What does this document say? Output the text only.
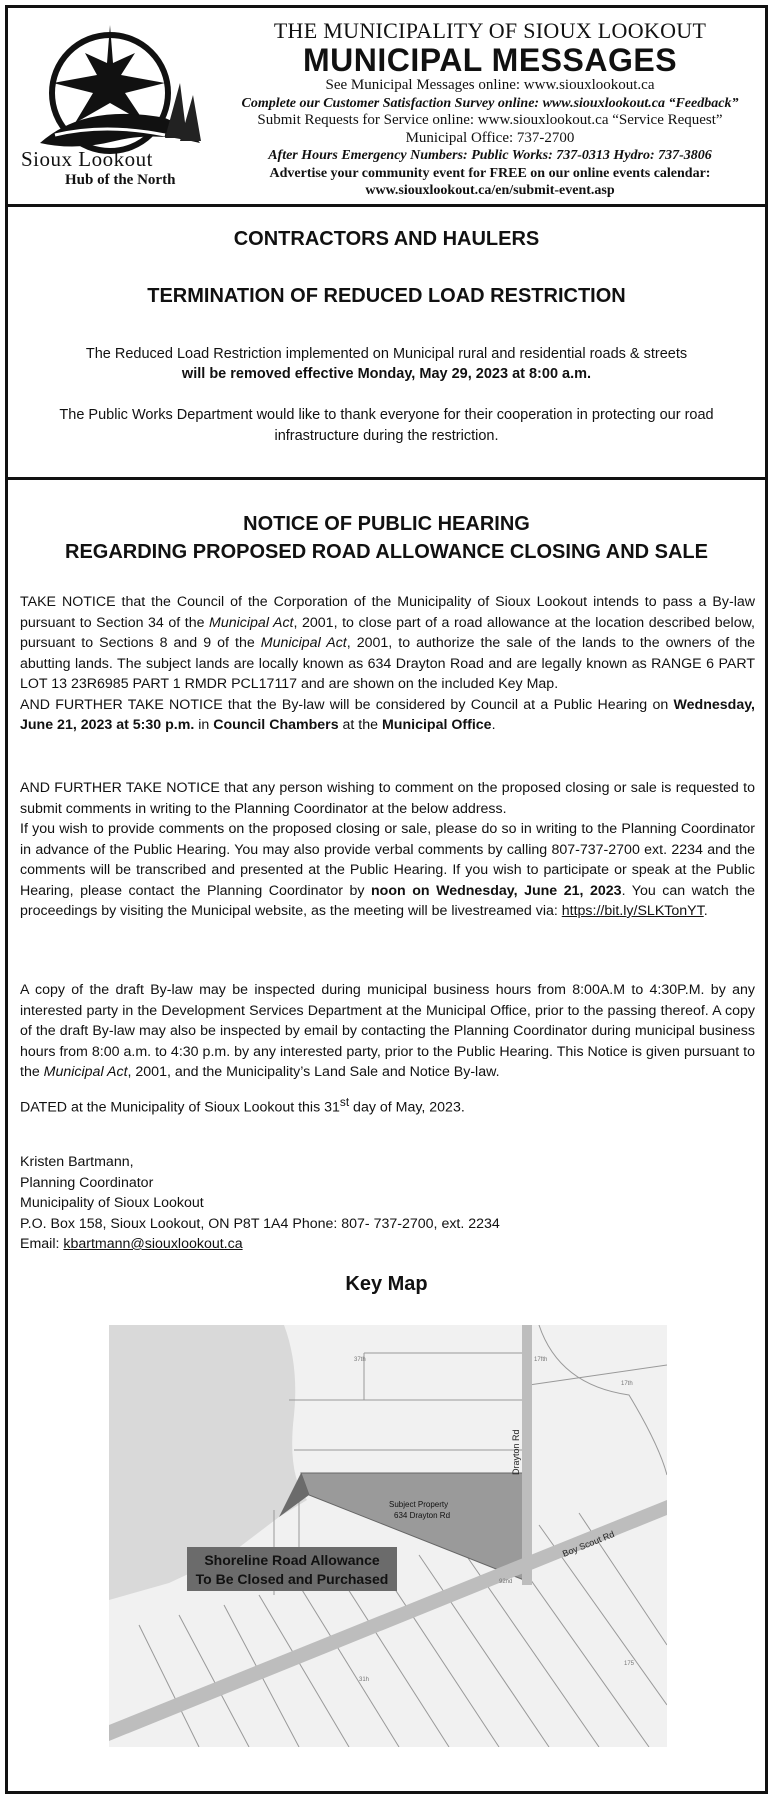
Sioux Lookout
Hub of the North
THE MUNICIPALITY OF SIOUX LOOKOUT
MUNICIPAL MESSAGES
See Municipal Messages online: www.siouxlookout.ca
Complete our Customer Satisfaction Survey online: www.siouxlookout.ca “Feedback”
Submit Requests for Service online: www.siouxlookout.ca “Service Request”
Municipal Office: 737-2700
After Hours Emergency Numbers: Public Works: 737-0313 Hydro: 737-3806
Advertise your community event for FREE on our online events calendar:
www.siouxlookout.ca/en/submit-event.asp
CONTRACTORS AND HAULERS
TERMINATION OF REDUCED LOAD RESTRICTION
The Reduced Load Restriction implemented on Municipal rural and residential roads & streets
will be removed effective Monday, May 29, 2023 at 8:00 a.m.
The Public Works Department would like to thank everyone for their cooperation in protecting our road infrastructure during the restriction.
NOTICE OF PUBLIC HEARING
REGARDING PROPOSED ROAD ALLOWANCE CLOSING AND SALE
TAKE NOTICE that the Council of the Corporation of the Municipality of Sioux Lookout intends to pass a By-law pursuant to Section 34 of the Municipal Act, 2001, to close part of a road allowance at the location described below, pursuant to Sections 8 and 9 of the Municipal Act, 2001, to authorize the sale of the lands to the owners of the abutting lands. The subject lands are locally known as 634 Drayton Road and are legally known as RANGE 6 PART LOT 13 23R6985 PART 1 RMDR PCL17117 and are shown on the included Key Map.
AND FURTHER TAKE NOTICE that the By-law will be considered by Council at a Public Hearing on Wednesday, June 21, 2023 at 5:30 p.m. in Council Chambers at the Municipal Office.
AND FURTHER TAKE NOTICE that any person wishing to comment on the proposed closing or sale is requested to submit comments in writing to the Planning Coordinator at the below address.
If you wish to provide comments on the proposed closing or sale, please do so in writing to the Planning Coordinator in advance of the Public Hearing. You may also provide verbal comments by calling 807-737-2700 ext. 2234 and the comments will be transcribed and presented at the Public Hearing. If you wish to participate or speak at the Public Hearing, please contact the Planning Coordinator by noon on Wednesday, June 21, 2023. You can watch the proceedings by visiting the Municipal website, as the meeting will be livestreamed via: https://bit.ly/SLKTonYT.
A copy of the draft By-law may be inspected during municipal business hours from 8:00A.M to 4:30P.M. by any interested party in the Development Services Department at the Municipal Office, prior to the passing thereof. A copy of the draft By-law may also be inspected by email by contacting the Planning Coordinator during municipal business hours from 8:00 a.m. to 4:30 p.m. by any interested party, prior to the Public Hearing. This Notice is given pursuant to the Municipal Act, 2001, and the Municipality’s Land Sale and Notice By-law.
DATED at the Municipality of Sioux Lookout this 31st day of May, 2023.
Kristen Bartmann,
Planning Coordinator
Municipality of Sioux Lookout
P.O. Box 158, Sioux Lookout, ON P8T 1A4 Phone: 807- 737-2700, ext. 2234
Email: kbartmann@siouxlookout.ca
Key Map
Drayton Rd
Boy Scout Rd
Subject Property
634 Drayton Rd
Shoreline Road Allowance
To Be Closed and Purchased
37th	17fth
17th
31h
175
92nd
